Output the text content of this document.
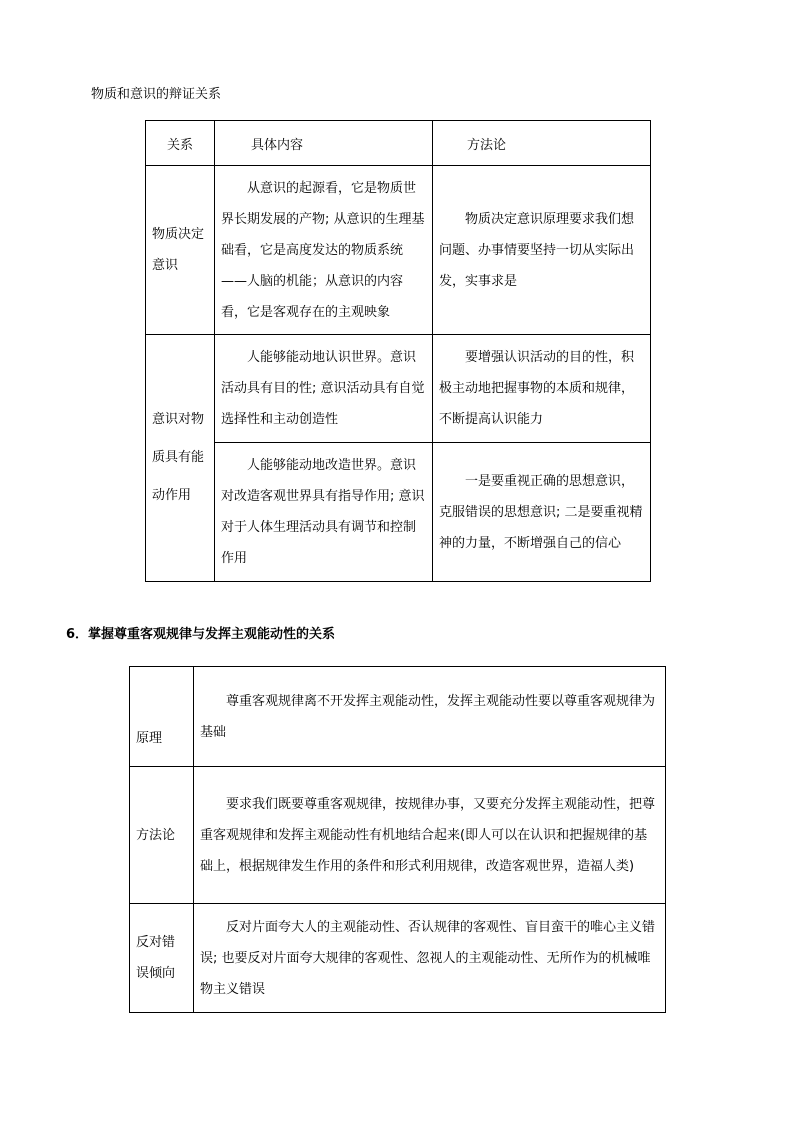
物质和意识的辩证关系
关系	具体内容	方法论
物质决定意识	从意识的起源看，它是物质世界长期发展的产物; 从意识的生理基础看，它是高度发达的物质系统——人脑的机能；从意识的内容看，它是客观存在的主观映象	物质决定意识原理要求我们想问题、办事情要坚持一切从实际出发，实事求是
意识对物质具有能动作用	人能够能动地认识世界。意识活动具有目的性; 意识活动具有自觉选择性和主动创造性	要增强认识活动的目的性，积极主动地把握事物的本质和规律，不断提高认识能力
	人能够能动地改造世界。意识对改造客观世界具有指导作用; 意识对于人体生理活动具有调节和控制作用	一是要重视正确的思想意识，克服错误的思想意识; 二是要重视精神的力量，不断增强自己的信心
6．掌握尊重客观规律与发挥主观能动性的关系
原理	尊重客观规律离不开发挥主观能动性，发挥主观能动性要以尊重客观规律为基础
方法论	要求我们既要尊重客观规律，按规律办事，又要充分发挥主观能动性，把尊重客观规律和发挥主观能动性有机地结合起来(即人可以在认识和把握规律的基础上，根据规律发生作用的条件和形式利用规律，改造客观世界，造福人类)
反对错误倾向	反对片面夸大人的主观能动性、否认规律的客观性、盲目蛮干的唯心主义错误; 也要反对片面夸大规律的客观性、忽视人的主观能动性、无所作为的机械唯物主义错误
